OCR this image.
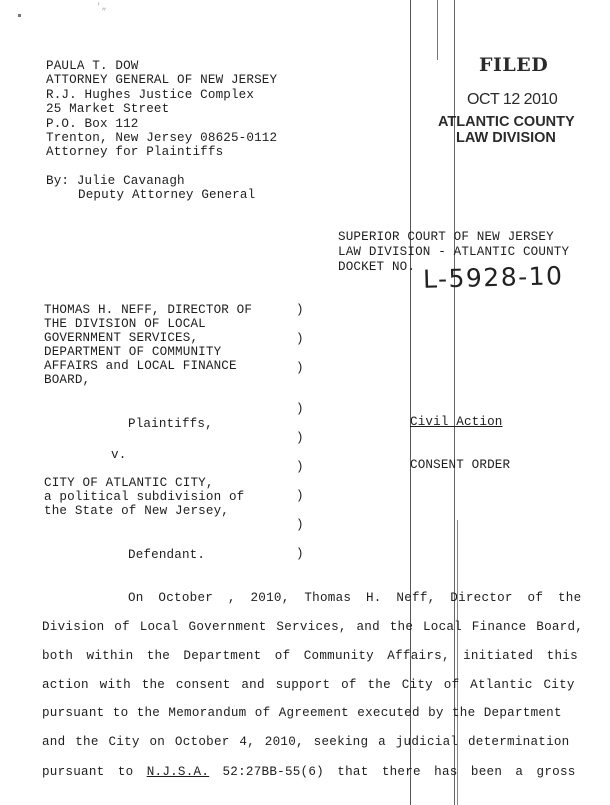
′„
PAULA T. DOW
ATTORNEY GENERAL OF NEW JERSEY
R.J. Hughes Justice Complex
25 Market Street
P.O. Box 112
Trenton, New Jersey 08625-0112
Attorney for Plaintiffs
By: Julie Cavanagh
Deputy Attorney General
FILED
OCT 12 2010
ATLANTIC COUNTY
LAW DIVISION
SUPERIOR COURT OF NEW JERSEY
LAW DIVISION - ATLANTIC COUNTY
DOCKET NO. L-5928-10
THOMAS H. NEFF, DIRECTOR OF
THE DIVISION OF LOCAL
GOVERNMENT SERVICES,
DEPARTMENT OF COMMUNITY
AFFAIRS and LOCAL FINANCE
BOARD,
Plaintiffs,
v.
CITY OF ATLANTIC CITY,
a political subdivision of
the State of New Jersey,
Defendant.
)
)
)
)
)
)
)
)
)
Civil Action
CONSENT ORDER
On October , 2010, Thomas H. Neff, Director of the
Division of Local Government Services, and the Local Finance Board,
both within the Department of Community Affairs, initiated this
action with the consent and support of the City of Atlantic City
pursuant to the Memorandum of Agreement executed by the Department
and the City on October 4, 2010, seeking a judicial determination
pursuant to N.J.S.A. 52:27BB-55(6) that there has been a gross
